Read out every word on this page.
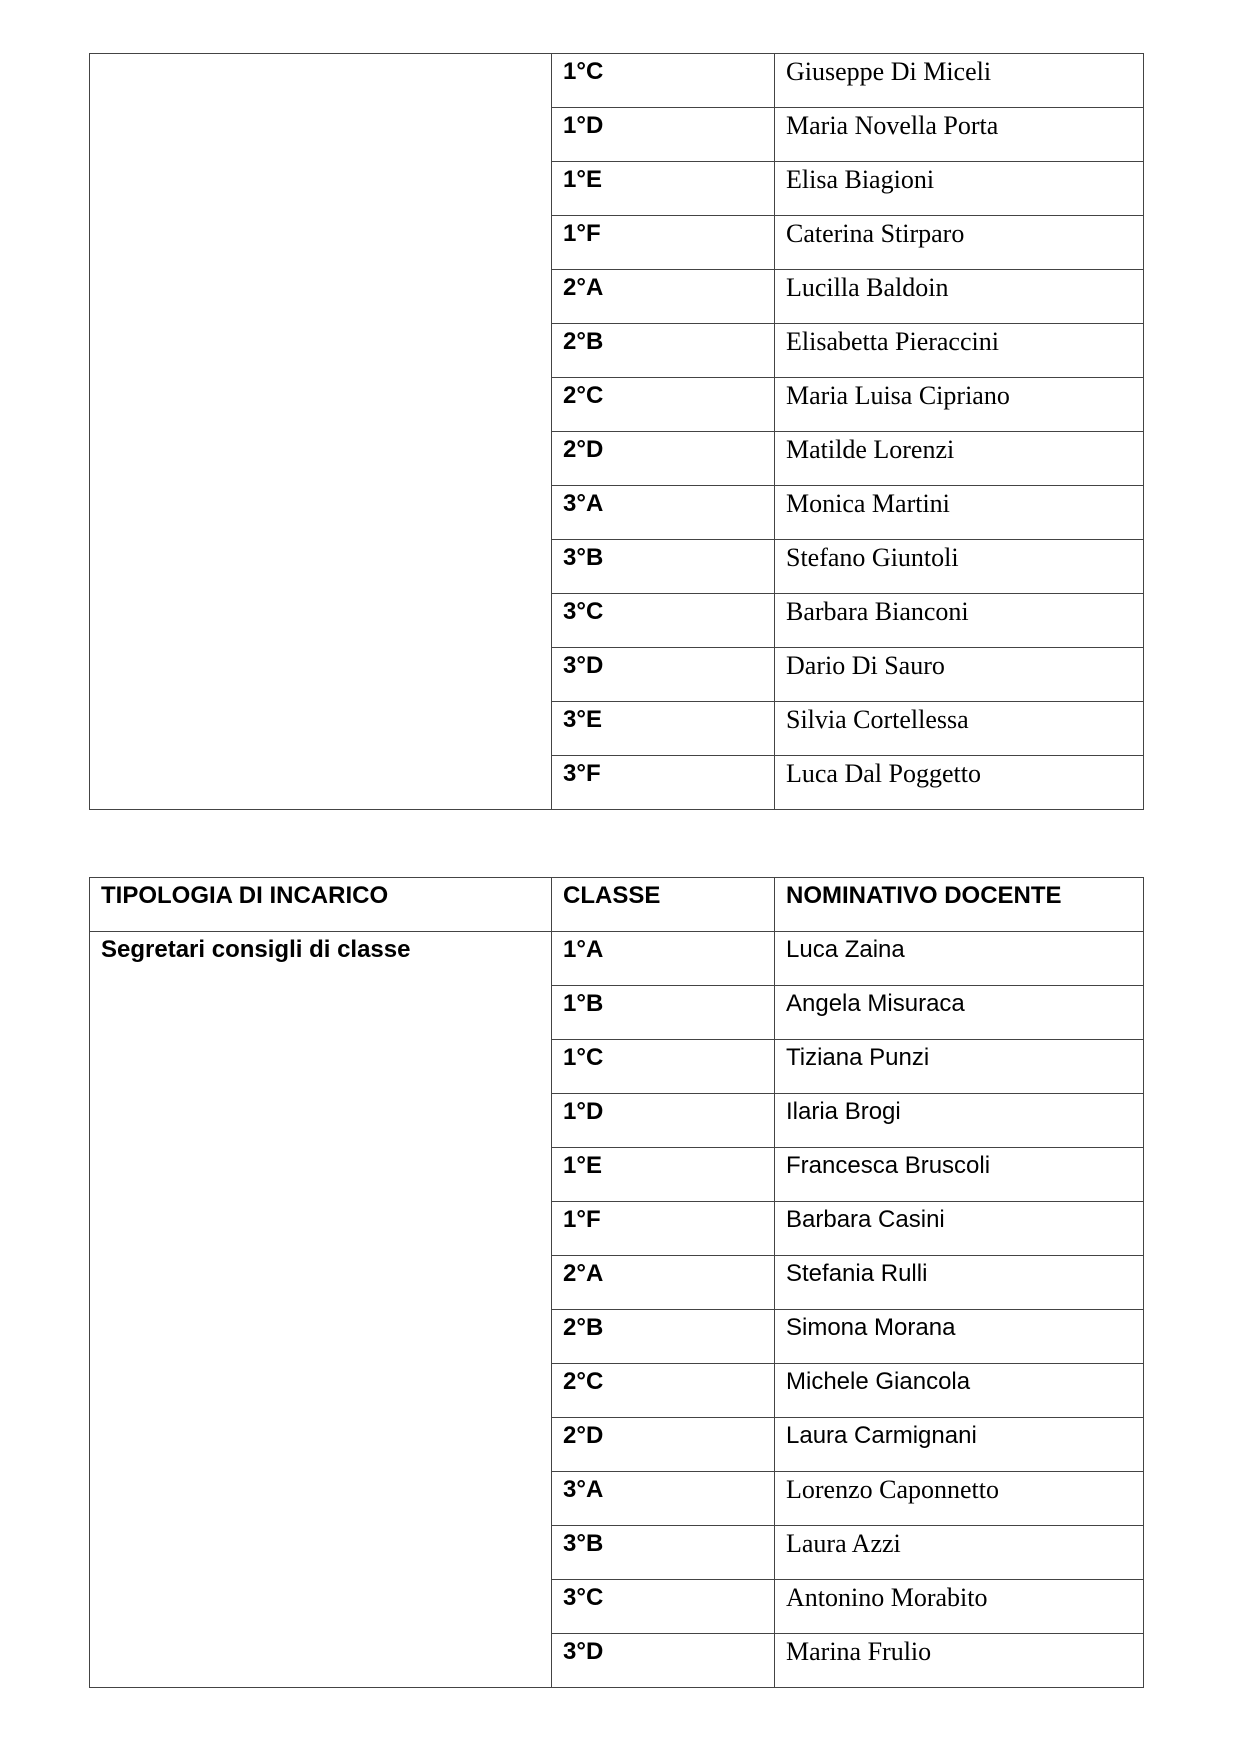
	1°C	Giuseppe Di Miceli

	1°D	Maria Novella Porta

	1°E	Elisa Biagioni

	1°F	Caterina Stirparo

	2°A	Lucilla Baldoin

	2°B	Elisabetta Pieraccini

	2°C	Maria Luisa Cipriano

	2°D	Matilde Lorenzi

	3°A	Monica Martini

	3°B	Stefano Giuntoli

	3°C	Barbara Bianconi

	3°D	Dario Di Sauro

	3°E	Silvia Cortellessa

	3°F	Luca Dal Poggetto
TIPOLOGIA DI INCARICO	CLASSE	NOMINATIVO DOCENTE

Segretari consigli di classe	1°A	Luca Zaina

	1°B	Angela Misuraca

	1°C	Tiziana Punzi

	1°D	Ilaria Brogi

	1°E	Francesca Bruscoli

	1°F	Barbara Casini

	2°A	Stefania Rulli

	2°B	Simona Morana

	2°C	Michele Giancola

	2°D	Laura Carmignani

	3°A	Lorenzo Caponnetto

	3°B	Laura Azzi

	3°C	Antonino Morabito

	3°D	Marina Frulio
